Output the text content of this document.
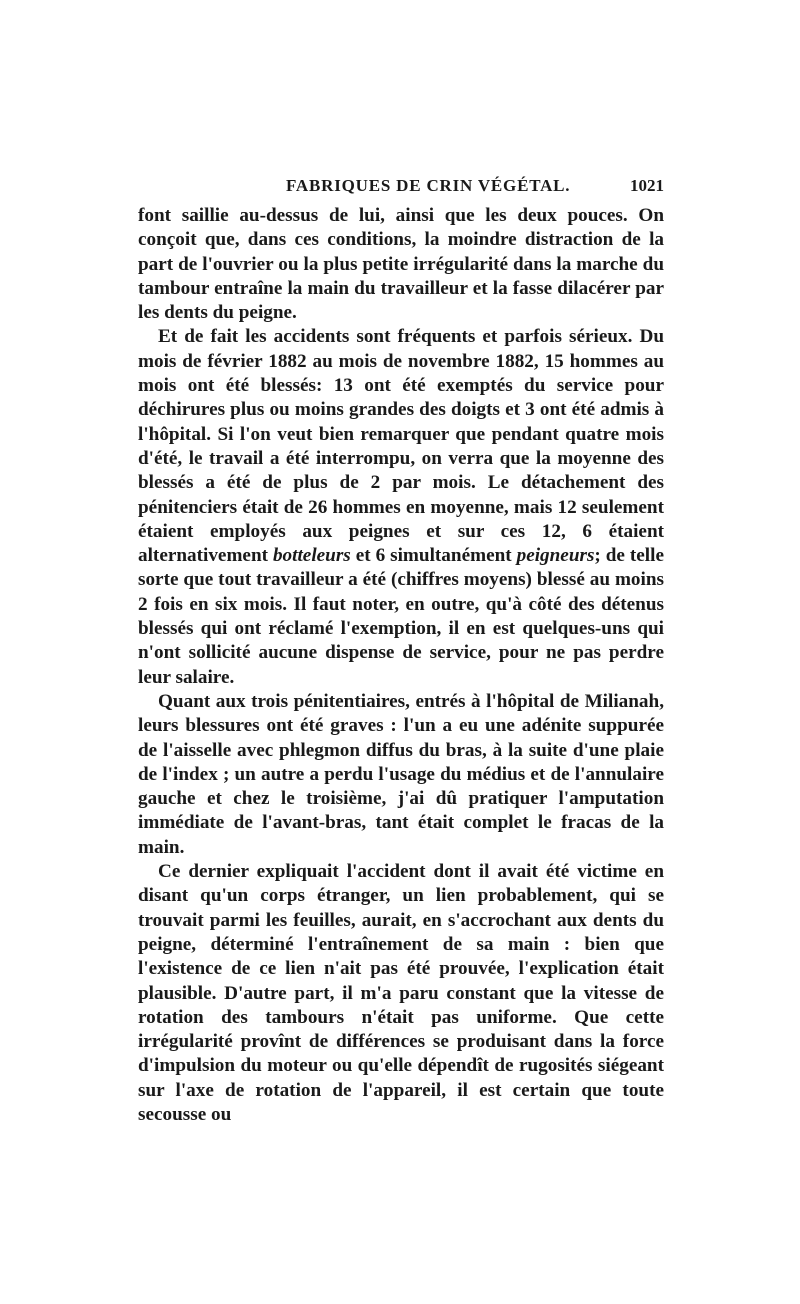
FABRIQUES DE CRIN VÉGÉTAL.	1021

font saillie au-dessus de lui, ainsi que les deux pouces. On conçoit que, dans ces conditions, la moindre distraction de la part de l'ouvrier ou la plus petite irrégularité dans la marche du tambour entraîne la main du travailleur et la fasse dilacérer par les dents du peigne.

Et de fait les accidents sont fréquents et parfois sérieux. Du mois de février 1882 au mois de novembre 1882, 15 hommes au mois ont été blessés: 13 ont été exemptés du service pour déchirures plus ou moins grandes des doigts et 3 ont été admis à l'hôpital. Si l'on veut bien remarquer que pendant quatre mois d'été, le travail a été interrompu, on verra que la moyenne des blessés a été de plus de 2 par mois. Le détachement des pénitenciers était de 26 hommes en moyenne, mais 12 seulement étaient employés aux peignes et sur ces 12, 6 étaient alternativement botteleurs et 6 simultanément peigneurs; de telle sorte que tout travailleur a été (chiffres moyens) blessé au moins 2 fois en six mois. Il faut noter, en outre, qu'à côté des détenus blessés qui ont réclamé l'exemption, il en est quelques-uns qui n'ont sollicité aucune dispense de service, pour ne pas perdre leur salaire.

Quant aux trois pénitentiaires, entrés à l'hôpital de Milianah, leurs blessures ont été graves : l'un a eu une adénite suppurée de l'aisselle avec phlegmon diffus du bras, à la suite d'une plaie de l'index ; un autre a perdu l'usage du médius et de l'annulaire gauche et chez le troisième, j'ai dû pratiquer l'amputation immédiate de l'avant-bras, tant était complet le fracas de la main.

Ce dernier expliquait l'accident dont il avait été victime en disant qu'un corps étranger, un lien probablement, qui se trouvait parmi les feuilles, aurait, en s'accrochant aux dents du peigne, déterminé l'entraînement de sa main : bien que l'existence de ce lien n'ait pas été prouvée, l'explication était plausible. D'autre part, il m'a paru constant que la vitesse de rotation des tambours n'était pas uniforme. Que cette irrégularité provînt de différences se produisant dans la force d'impulsion du moteur ou qu'elle dépendît de rugosités siégeant sur l'axe de rotation de l'appareil, il est certain que toute secousse ou
